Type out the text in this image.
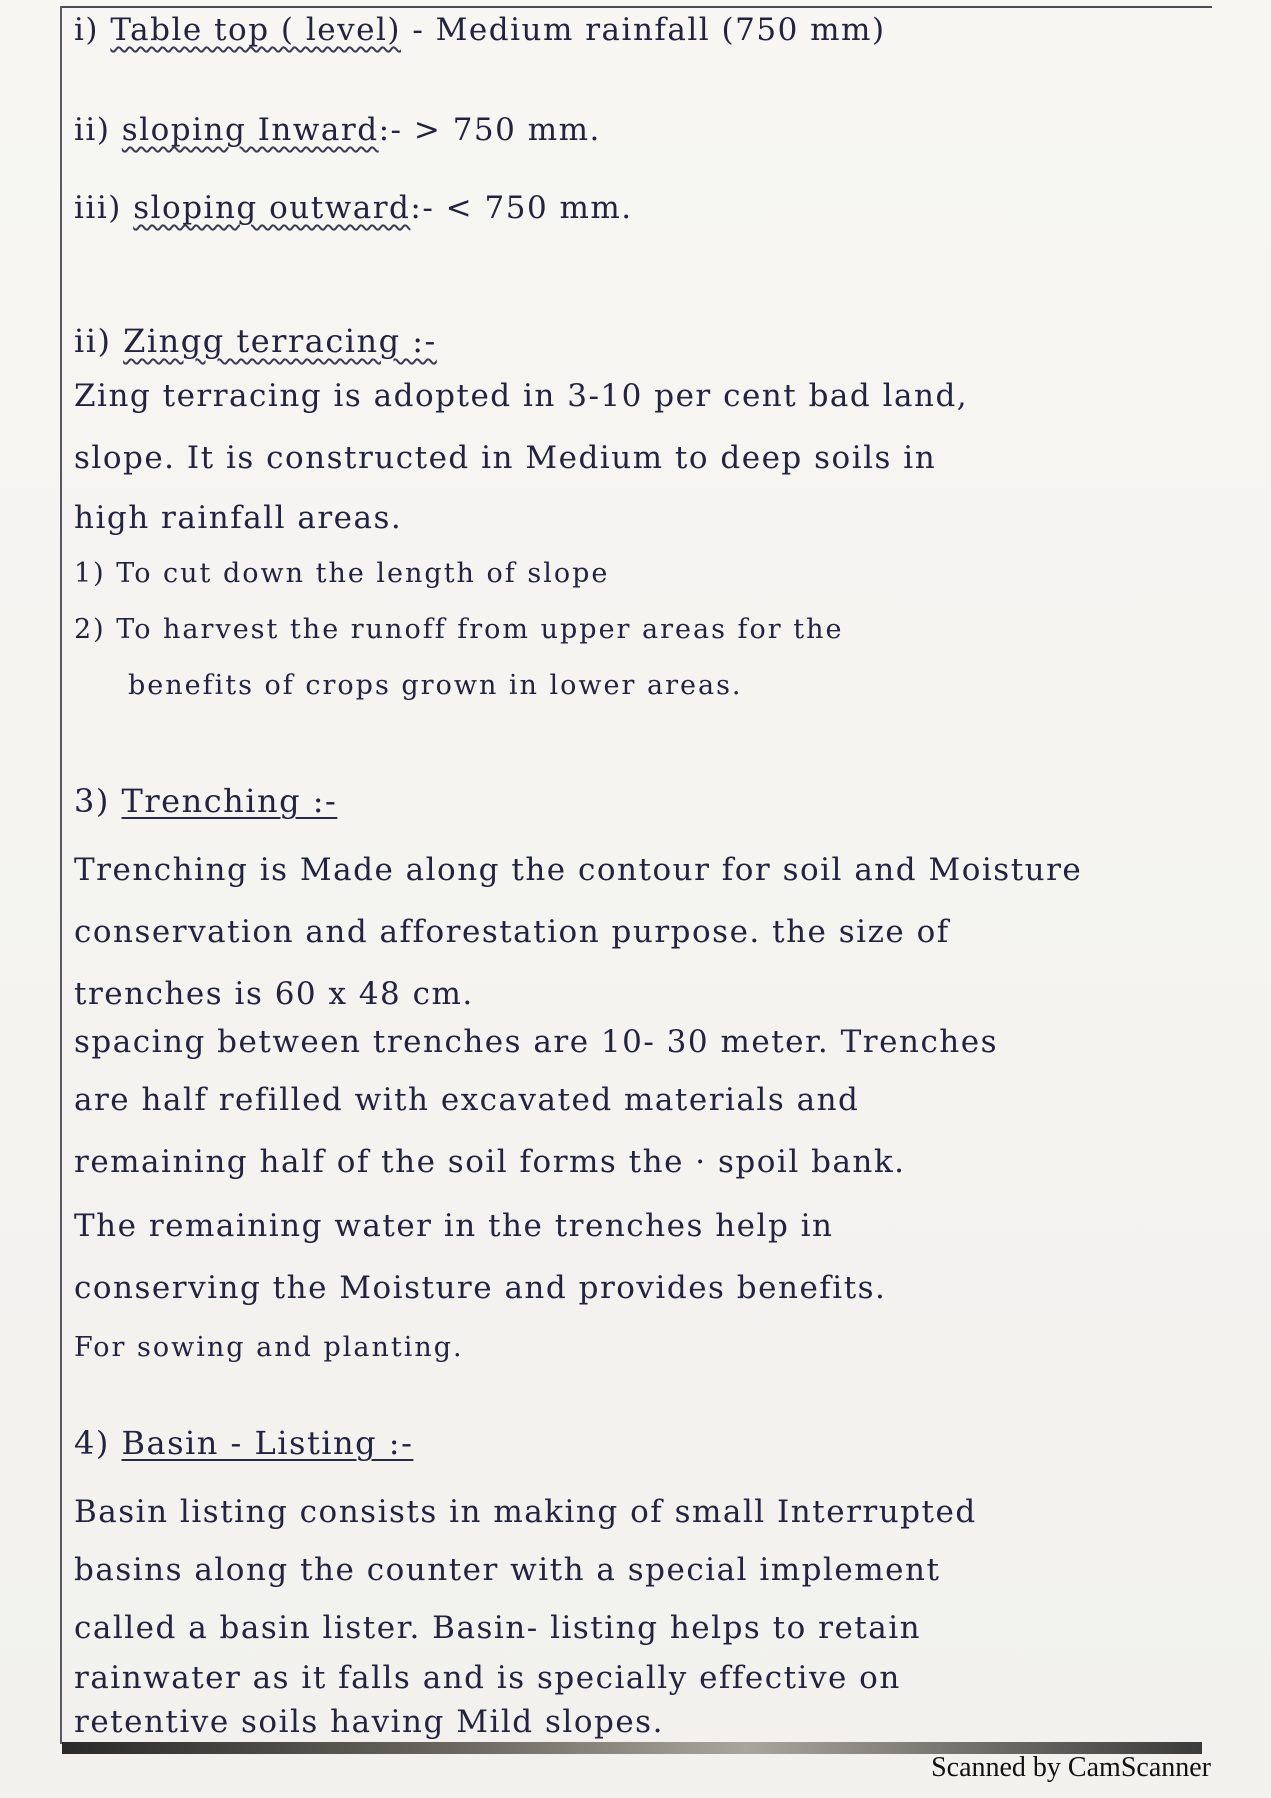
i) Table top ( level) - Medium rainfall (750 mm)
ii) sloping Inward:- > 750 mm.
iii) sloping outward:- < 750 mm.
ii) Zingg terracing :-
Zing terracing is adopted in 3-10 per cent bad land,
slope. It is constructed in Medium to deep soils in
high rainfall areas.
1) To cut down the length of slope
2) To harvest the runoff from upper areas for the
benefits of crops grown in lower areas.
3) Trenching :-
Trenching is Made along the contour for soil and Moisture
conservation and afforestation purpose. the size of
trenches is 60 x 48 cm.
spacing between trenches are 10- 30 meter. Trenches
are half refilled with excavated materials and
remaining half of the soil forms the · spoil bank.
The remaining water in the trenches help in
conserving the Moisture and provides benefits.
For sowing and planting.
4) Basin - Listing :-
Basin listing consists in making of small Interrupted
basins along the counter with a special implement
called a basin lister. Basin- listing helps to retain
rainwater as it falls and is specially effective on
retentive soils having Mild slopes.
Scanned by CamScanner
